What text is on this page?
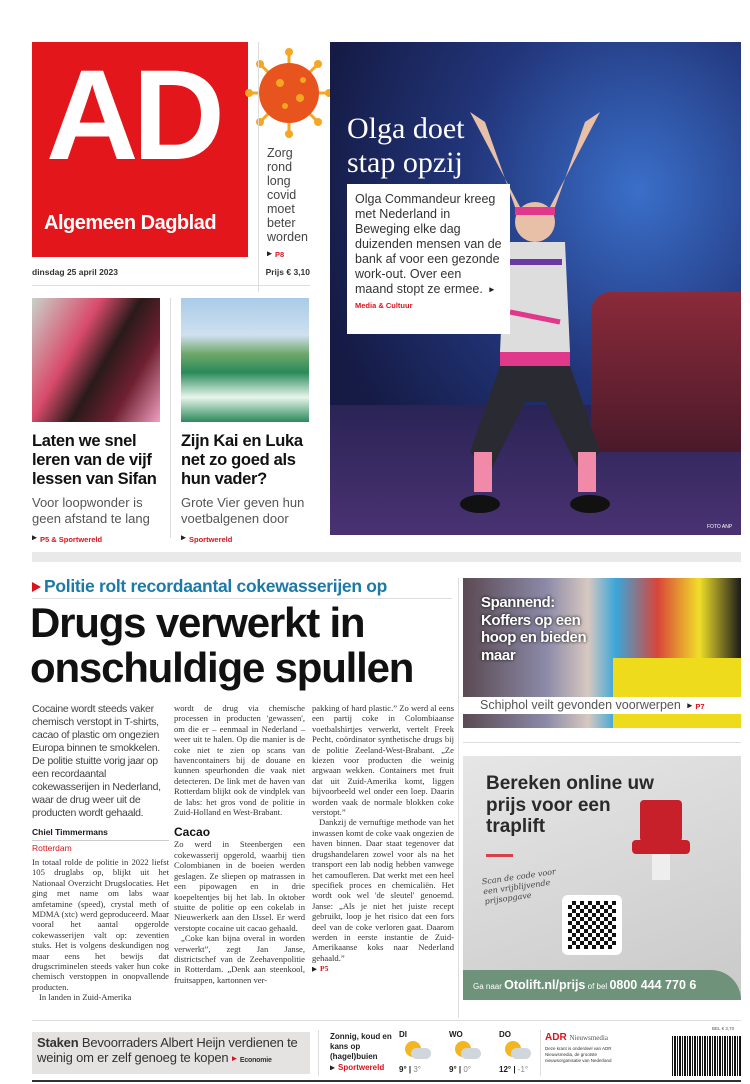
AD
Algemeen Dagblad
Zorg rond long covid moet beter worden
P8
dinsdag 25 april 2023	Prijs € 3,10
Olga doet stap opzij
Olga Commandeur kreeg met Nederland in Beweging elke dag duizenden mensen van de bank af voor een gezonde work-out. Over een maand stopt ze ermee. Media & Cultuur
FOTO ANP
Laten we snel leren van de vijf lessen van Sifan
Voor loopwonder is geen afstand te lang
P5 & Sportwereld
Zijn Kai en Luka net zo goed als hun vader?
Grote Vier geven hun voetbalgenen door
Sportwereld
Politie rolt recordaantal cokewasserijen op
Drugs verwerkt in onschuldige spullen
Cocaine wordt steeds vaker chemisch verstopt in T-shirts, cacao of plastic om ongezien Europa binnen te smokkelen. De politie stuitte vorig jaar op een recordaantal cokewasserijen in Nederland, waar de drug weer uit de producten wordt gehaald.
Chiel Timmermans
Rotterdam

In totaal rolde de politie in 2022 liefst 105 druglabs op, blijkt uit het Nationaal Overzicht Drugslocaties. Het ging met name om labs waar amfetamine (speed), crystal meth of MDMA (xtc) werd geproduceerd. Maar vooral het aantal opgerolde cokewasserijen valt op: zeventien stuks. Het is volgens deskundigen nog maar eens het bewijs dat drugscriminelen steeds vaker hun coke chemisch verstoppen in onopvallende producten.

In landen in Zuid-Amerika

wordt de drug via chemische processen in producten 'gewassen', om die er – eenmaal in Nederland – weer uit te halen. Op die manier is de coke niet te zien op scans van havencontainers bij de douane en kunnen speurhonden die vaak niet detecteren. De link met de haven van Rotterdam blijkt ook de vindplek van de labs: het gros vond de politie in Zuid-Holland en West-Brabant.

Cacao

Zo werd in Steenbergen een cokewasserij opgerold, waarbij tien Colombianen in de boeien werden geslagen. Ze sliepen op matrassen in een pipowagen en in drie koepeltentjes bij het lab. In oktober stuitte de politie op een cokelab in Nieuwerkerk aan den IJssel. Er werd verstopte cocaine uit cacao gehaald.

„Coke kan bijna overal in worden verwerkt”, zegt Jan Janse, districtschef van de Zeehavenpolitie in Rotterdam. „Denk aan steenkool, fruitsappen, kartonnen ver-

pakking of hard plastic.” Zo werd al eens een partij coke in Colombiaanse voetbalshirtjes verwerkt, vertelt Freek Pecht, coördinator synthetische drugs bij de politie Zeeland-West-Brabant. „Ze kiezen voor producten die weinig argwaan wekken. Containers met fruit dat uit Zuid-Amerika komt, liggen bijvoorbeeld wel onder een loep. Daarin worden vaak de normale blokken coke verstopt.”

Dankzij de vernuftige methode van het inwassen komt de coke vaak ongezien de haven binnen. Daar staat tegenover dat drugshandelaren zowel voor als na het transport een lab nodig hebben vanwege het camoufleren. Dat werkt met een heel specifiek proces en chemicaliën. Het wordt ook wel 'de sleutel' genoemd. Janse: „Als je niet het juiste recept gebruikt, loop je het risico dat een fors deel van de coke verloren gaat. Daarom werden in eerste instantie de Zuid-Amerikaanse koks naar Nederland gehaald.”

P5
Spannend: Koffers op een hoop en bieden maar
Schiphol veilt gevonden voorwerpen P7
Bereken online uw prijs voor een traplift
Scan de code voor een vrijblijvende prijsopgave
Ga naar Otolift.nl/prijs of bel 0800 444 770 6
Staken Bevoorraders Albert Heijn verdienen te weinig om er zelf genoeg te kopen Economie
Zonnig, koud en kans op (hagel)buien
Sportwereld
DI
9° | 3°
WO
9° | 0°
DO
12° | -1°
ADR Nieuwsmedia
Deze krant is onderdeel van ADR Nieuwsmedia, de grootste nieuwsorganisatie van Nederland
BEL € 3,70
